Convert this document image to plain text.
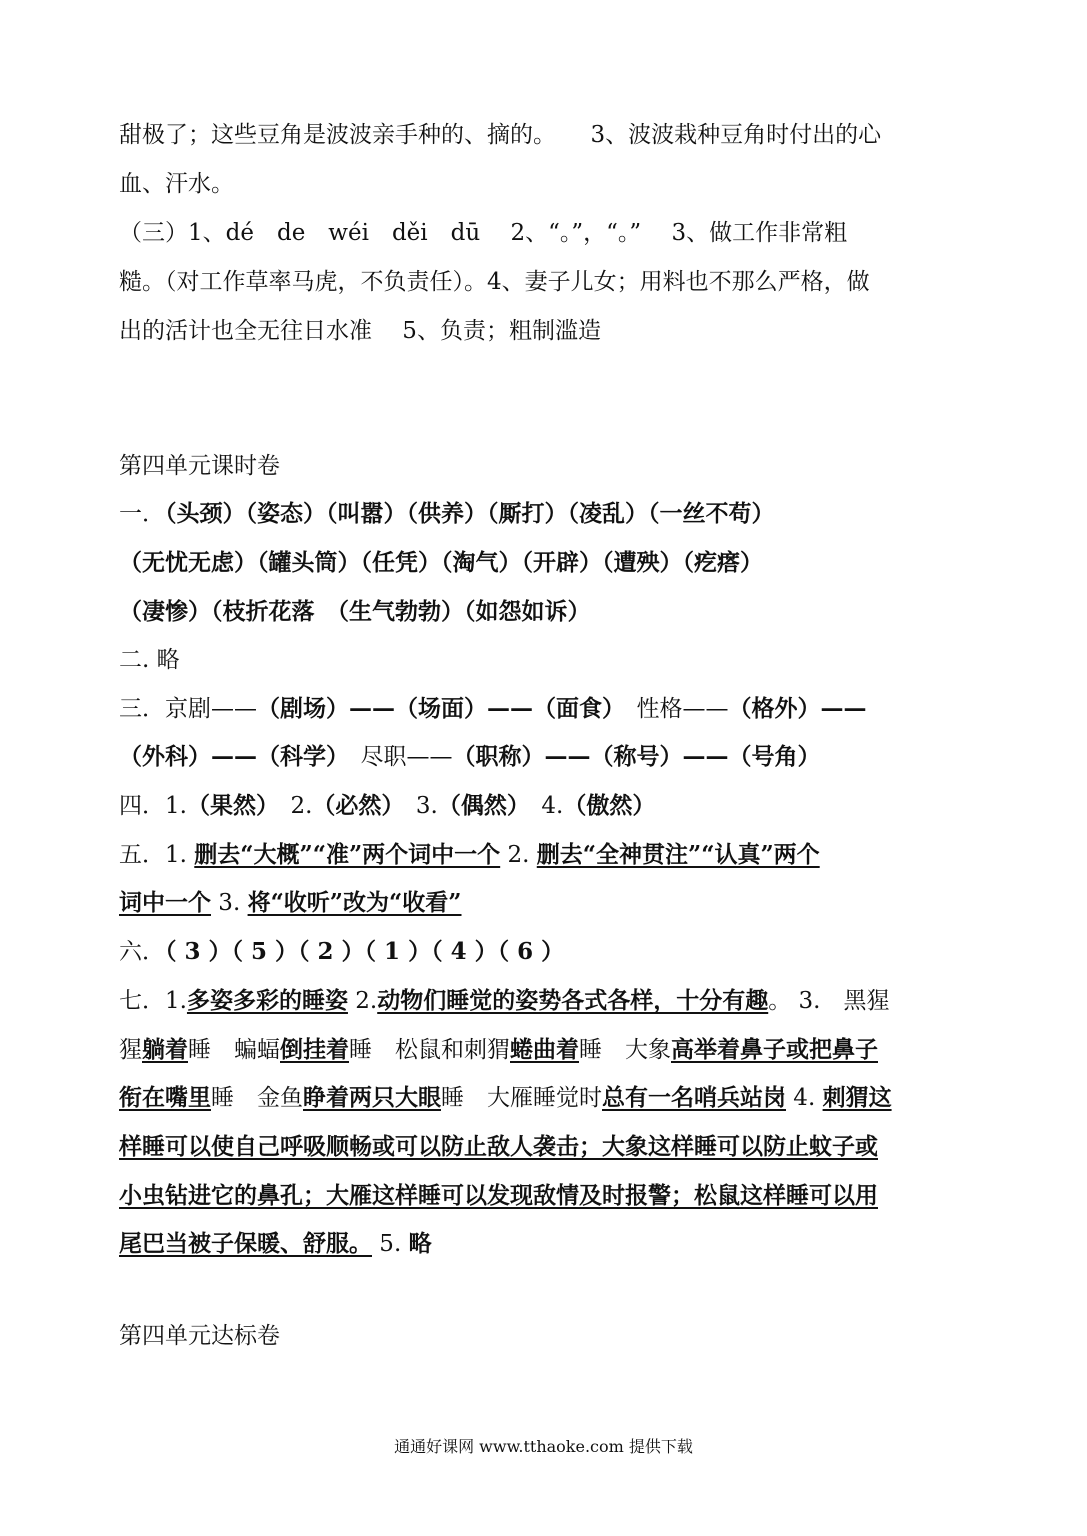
甜极了；这些豆角是波波亲手种的、摘的。　　3、波波栽种豆角时付出的心
血、汗水。
（三）1、dé　de　wéi　děi　dū　 2、“。”，“。”　 3、做工作非常粗
糙。（对工作草率马虎，不负责任）。4、妻子儿女；用料也不那么严格，做
出的活计也全无往日水准　 5、负责；粗制滥造
第四单元课时卷
一．（头颈）（姿态）（叫嚣）（供养）（厮打）（凌乱）（一丝不苟）
（无忧无虑）（罐头筒）（任凭）（淘气）（开辟）（遭殃）（疙瘩）
（凄惨）（枝折花落　（生气勃勃）（如怨如诉）
二. 略
三．京剧——（剧场）——（场面）——（面食）　性格——（格外）——
（外科）——（科学）　尽职——（职称）——（称号）——（号角）
四．1.（果然）　2.（必然）　3.（偶然）　4.（傲然）
五．1. 删去“大概”“准”两个词中一个 2. 删去“全神贯注”“认真”两个
词中一个 3. 将“收听”改为“收看”
六．（ 3 ）（ 5 ）（ 2 ）（ 1 ）（ 4 ）（ 6 ）
七．1.多姿多彩的睡姿 2.动物们睡觉的姿势各式各样，十分有趣。 3.　黑猩
猩躺着睡　蝙蝠倒挂着睡　松鼠和刺猬蜷曲着睡　大象高举着鼻子或把鼻子
衔在嘴里睡　金鱼睁着两只大眼睡　大雁睡觉时总有一名哨兵站岗 4. 刺猬这
样睡可以使自己呼吸顺畅或可以防止敌人袭击；大象这样睡可以防止蚊子或
小虫钻进它的鼻孔；大雁这样睡可以发现敌情及时报警；松鼠这样睡可以用
尾巴当被子保暖、舒服。 5. 略
第四单元达标卷
通通好课网 www.tthaoke.com 提供下载
